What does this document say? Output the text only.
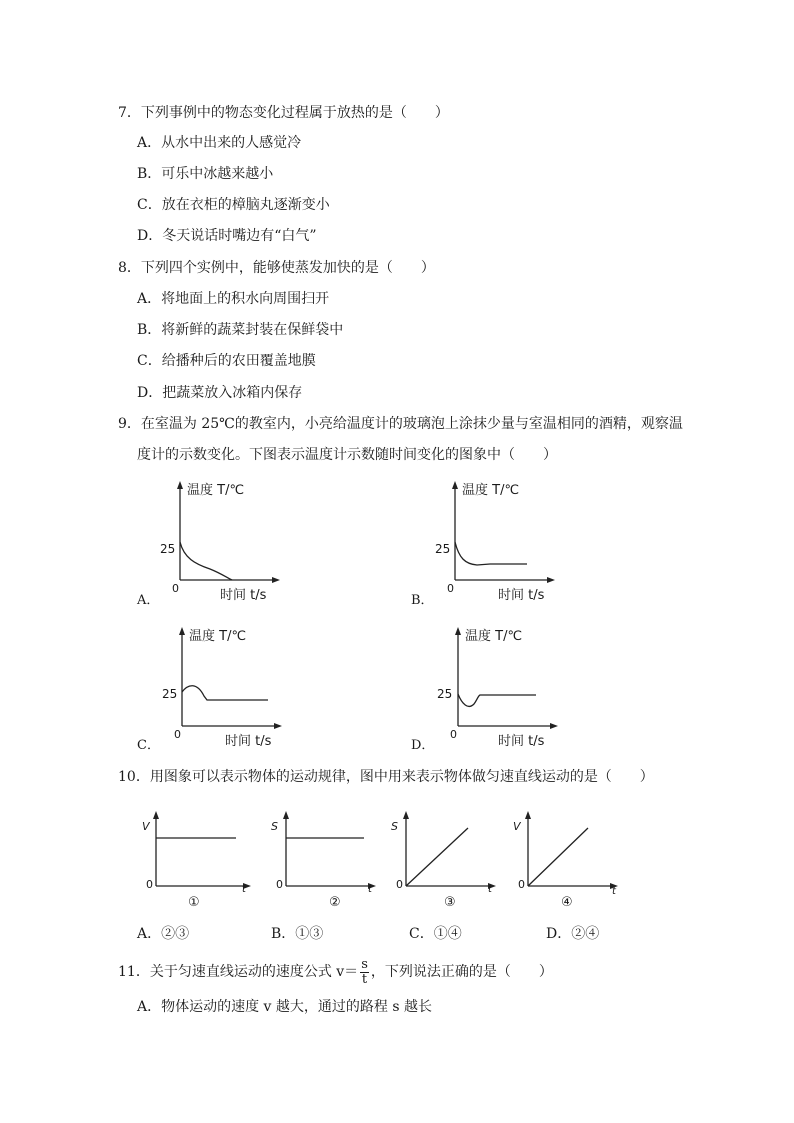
7．下列事例中的物态变化过程属于放热的是（　　）
A．从水中出来的人感觉冷
B．可乐中冰越来越小
C．放在衣柜的樟脑丸逐渐变小
D．冬天说话时嘴边有“白气”
8．下列四个实例中，能够使蒸发加快的是（　　）
A．将地面上的积水向周围扫开
B．将新鲜的蔬菜封装在保鲜袋中
C．给播种后的农田覆盖地膜
D．把蔬菜放入冰箱内保存
9．在室温为 25℃的教室内，小亮给温度计的玻璃泡上涂抹少量与室温相同的酒精，观察温
度计的示数变化。下图表示温度计示数随时间变化的图象中（　　）
温度 T/℃
25
0	时间 t/s
A．
温度 T/℃
25
0	时间 t/s
B．
温度 T/℃
25
0	时间 t/s
C．
温度 T/℃
25
0	时间 t/s
D．
10．用图象可以表示物体的运动规律，图中用来表示物体做匀速直线运动的是（　　）
V
0	t
①
S
0	t
②
S
0	t
③
V
0
t
④
A．②③	B．①③	C．①④	D．②④
11．关于匀速直线运动的速度公式 $v= \frac{s}{t}$ ，下列说法正确的是（　　）
A．物体运动的速度 v 越大，通过的路程 s 越长
